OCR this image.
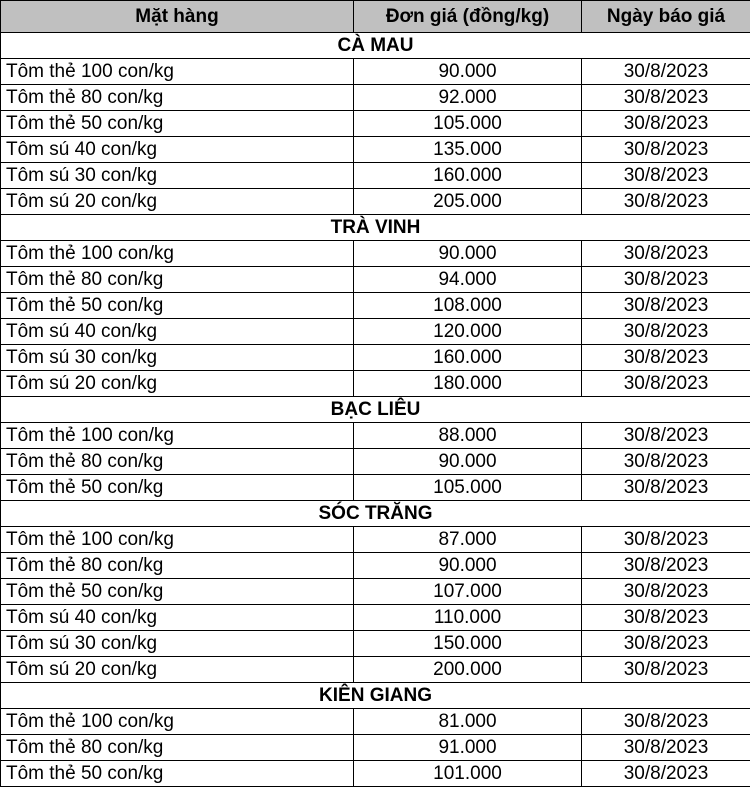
Mặt hàng	Đơn giá (đồng/kg)	Ngày báo giá
CÀ MAU		
Tôm thẻ 100 con/kg	90.000	30/8/2023
Tôm thẻ 80 con/kg	92.000	30/8/2023
Tôm thẻ 50 con/kg	105.000	30/8/2023
Tôm sú 40 con/kg	135.000	30/8/2023
Tôm sú 30 con/kg	160.000	30/8/2023
Tôm sú 20 con/kg	205.000	30/8/2023
TRÀ VINH		
Tôm thẻ 100 con/kg	90.000	30/8/2023
Tôm thẻ 80 con/kg	94.000	30/8/2023
Tôm thẻ 50 con/kg	108.000	30/8/2023
Tôm sú 40 con/kg	120.000	30/8/2023
Tôm sú 30 con/kg	160.000	30/8/2023
Tôm sú 20 con/kg	180.000	30/8/2023
BẠC LIÊU		
Tôm thẻ 100 con/kg	88.000	30/8/2023
Tôm thẻ 80 con/kg	90.000	30/8/2023
Tôm thẻ 50 con/kg	105.000	30/8/2023
SÓC TRĂNG		
Tôm thẻ 100 con/kg	87.000	30/8/2023
Tôm thẻ 80 con/kg	90.000	30/8/2023
Tôm thẻ 50 con/kg	107.000	30/8/2023
Tôm sú 40 con/kg	110.000	30/8/2023
Tôm sú 30 con/kg	150.000	30/8/2023
Tôm sú 20 con/kg	200.000	30/8/2023
KIÊN GIANG		
Tôm thẻ 100 con/kg	81.000	30/8/2023
Tôm thẻ 80 con/kg	91.000	30/8/2023
Tôm thẻ 50 con/kg	101.000	30/8/2023
